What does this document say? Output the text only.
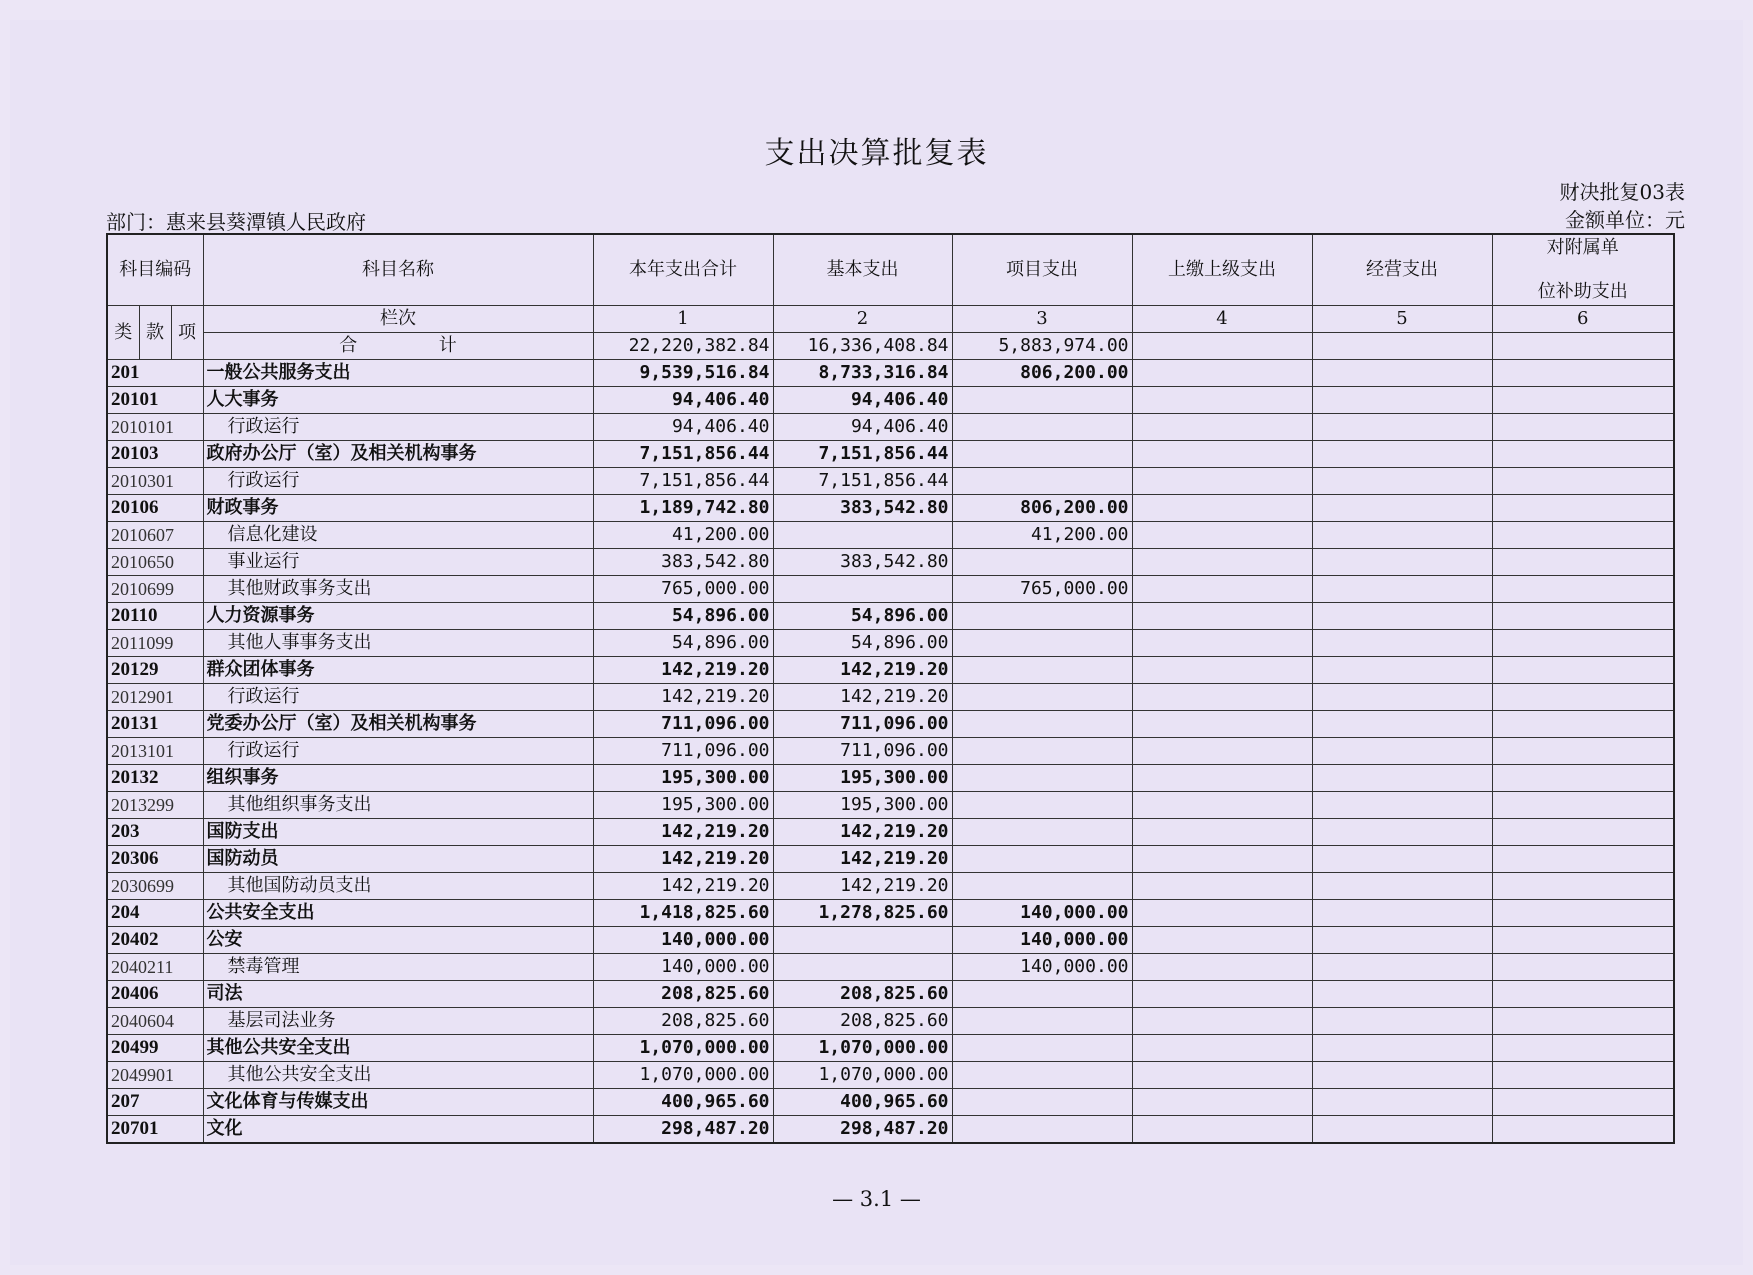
支出决算批复表
财决批复03表
金额单位：元
部门：惠来县葵潭镇人民政府
科目编码			科目名称	本年支出合计	基本支出	项目支出	上缴上级支出	经营支出	对附属单
位补助支出

类	款	项	栏次	1	2	3	4	5	6
			合 计	22,220,382.84	16,336,408.84	5,883,974.00			
201			一般公共服务支出	9,539,516.84	8,733,316.84	806,200.00			
20101			人大事务	94,406.40	94,406.40				
2010101			行政运行	94,406.40	94,406.40				
20103			政府办公厅（室）及相关机构事务	7,151,856.44	7,151,856.44				
2010301			行政运行	7,151,856.44	7,151,856.44				
20106			财政事务	1,189,742.80	383,542.80	806,200.00			
2010607			信息化建设	41,200.00		41,200.00			
2010650			事业运行	383,542.80	383,542.80				
2010699			其他财政事务支出	765,000.00		765,000.00			
20110			人力资源事务	54,896.00	54,896.00				
2011099			其他人事事务支出	54,896.00	54,896.00				
20129			群众团体事务	142,219.20	142,219.20				
2012901			行政运行	142,219.20	142,219.20				
20131			党委办公厅（室）及相关机构事务	711,096.00	711,096.00				
2013101			行政运行	711,096.00	711,096.00				
20132			组织事务	195,300.00	195,300.00				
2013299			其他组织事务支出	195,300.00	195,300.00				
203			国防支出	142,219.20	142,219.20				
20306			国防动员	142,219.20	142,219.20				
2030699			其他国防动员支出	142,219.20	142,219.20				
204			公共安全支出	1,418,825.60	1,278,825.60	140,000.00			
20402			公安	140,000.00		140,000.00			
2040211			禁毒管理	140,000.00		140,000.00			
20406			司法	208,825.60	208,825.60				
2040604			基层司法业务	208,825.60	208,825.60				
20499			其他公共安全支出	1,070,000.00	1,070,000.00				
2049901			其他公共安全支出	1,070,000.00	1,070,000.00				
207			文化体育与传媒支出	400,965.60	400,965.60				
20701			文化	298,487.20	298,487.20				
— 3.1 —
